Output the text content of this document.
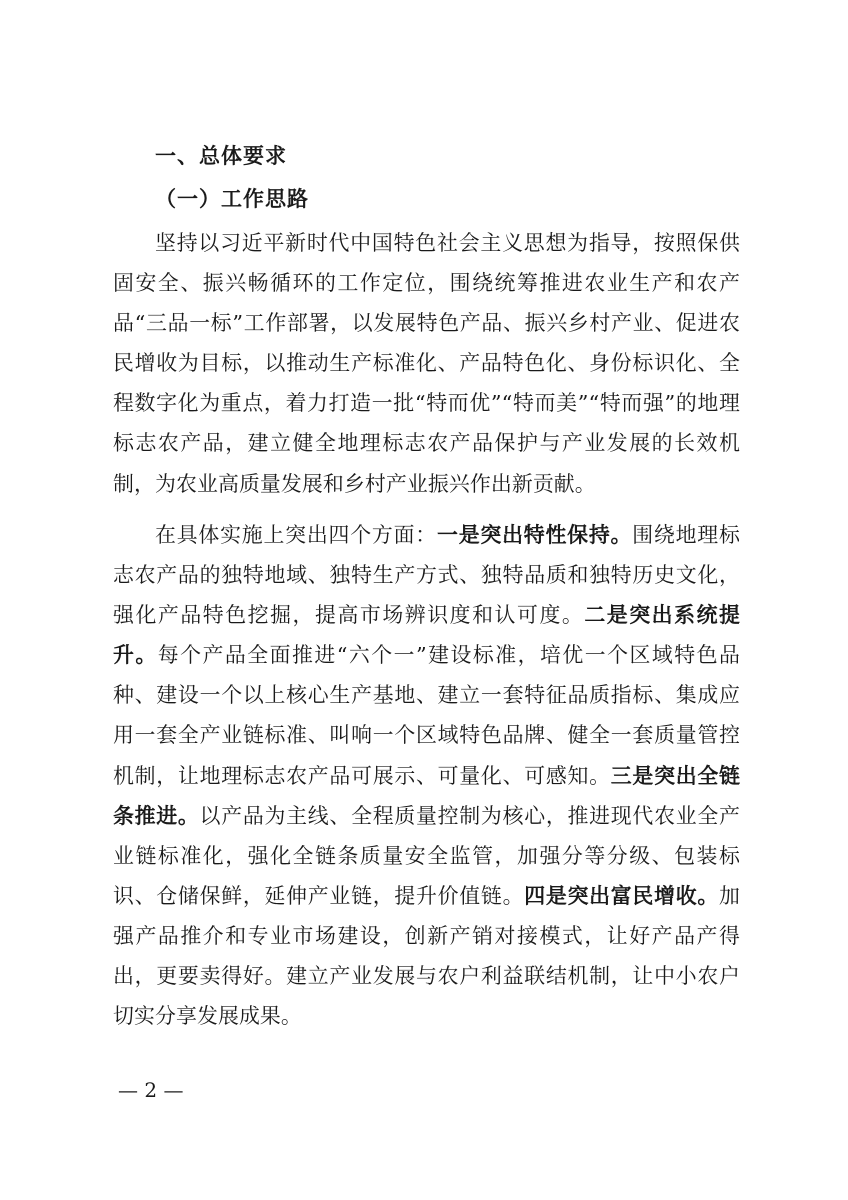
一、总体要求
（一）工作思路
坚持以习近平新时代中国特色社会主义思想为指导，按照保供固安全、振兴畅循环的工作定位，围绕统筹推进农业生产和农产品“三品一标”工作部署，以发展特色产品、振兴乡村产业、促进农民增收为目标，以推动生产标准化、产品特色化、身份标识化、全程数字化为重点，着力打造一批“特而优”“特而美”“特而强”的地理标志农产品，建立健全地理标志农产品保护与产业发展的长效机制，为农业高质量发展和乡村产业振兴作出新贡献。
在具体实施上突出四个方面：一是突出特性保持。围绕地理标志农产品的独特地域、独特生产方式、独特品质和独特历史文化，强化产品特色挖掘，提高市场辨识度和认可度。二是突出系统提升。每个产品全面推进“六个一”建设标准，培优一个区域特色品种、建设一个以上核心生产基地、建立一套特征品质指标、集成应用一套全产业链标准、叫响一个区域特色品牌、健全一套质量管控机制，让地理标志农产品可展示、可量化、可感知。三是突出全链条推进。以产品为主线、全程质量控制为核心，推进现代农业全产业链标准化，强化全链条质量安全监管，加强分等分级、包装标识、仓储保鲜，延伸产业链，提升价值链。四是突出富民增收。加强产品推介和专业市场建设，创新产销对接模式，让好产品产得出，更要卖得好。建立产业发展与农户利益联结机制，让中小农户切实分享发展成果。
— 2 —
